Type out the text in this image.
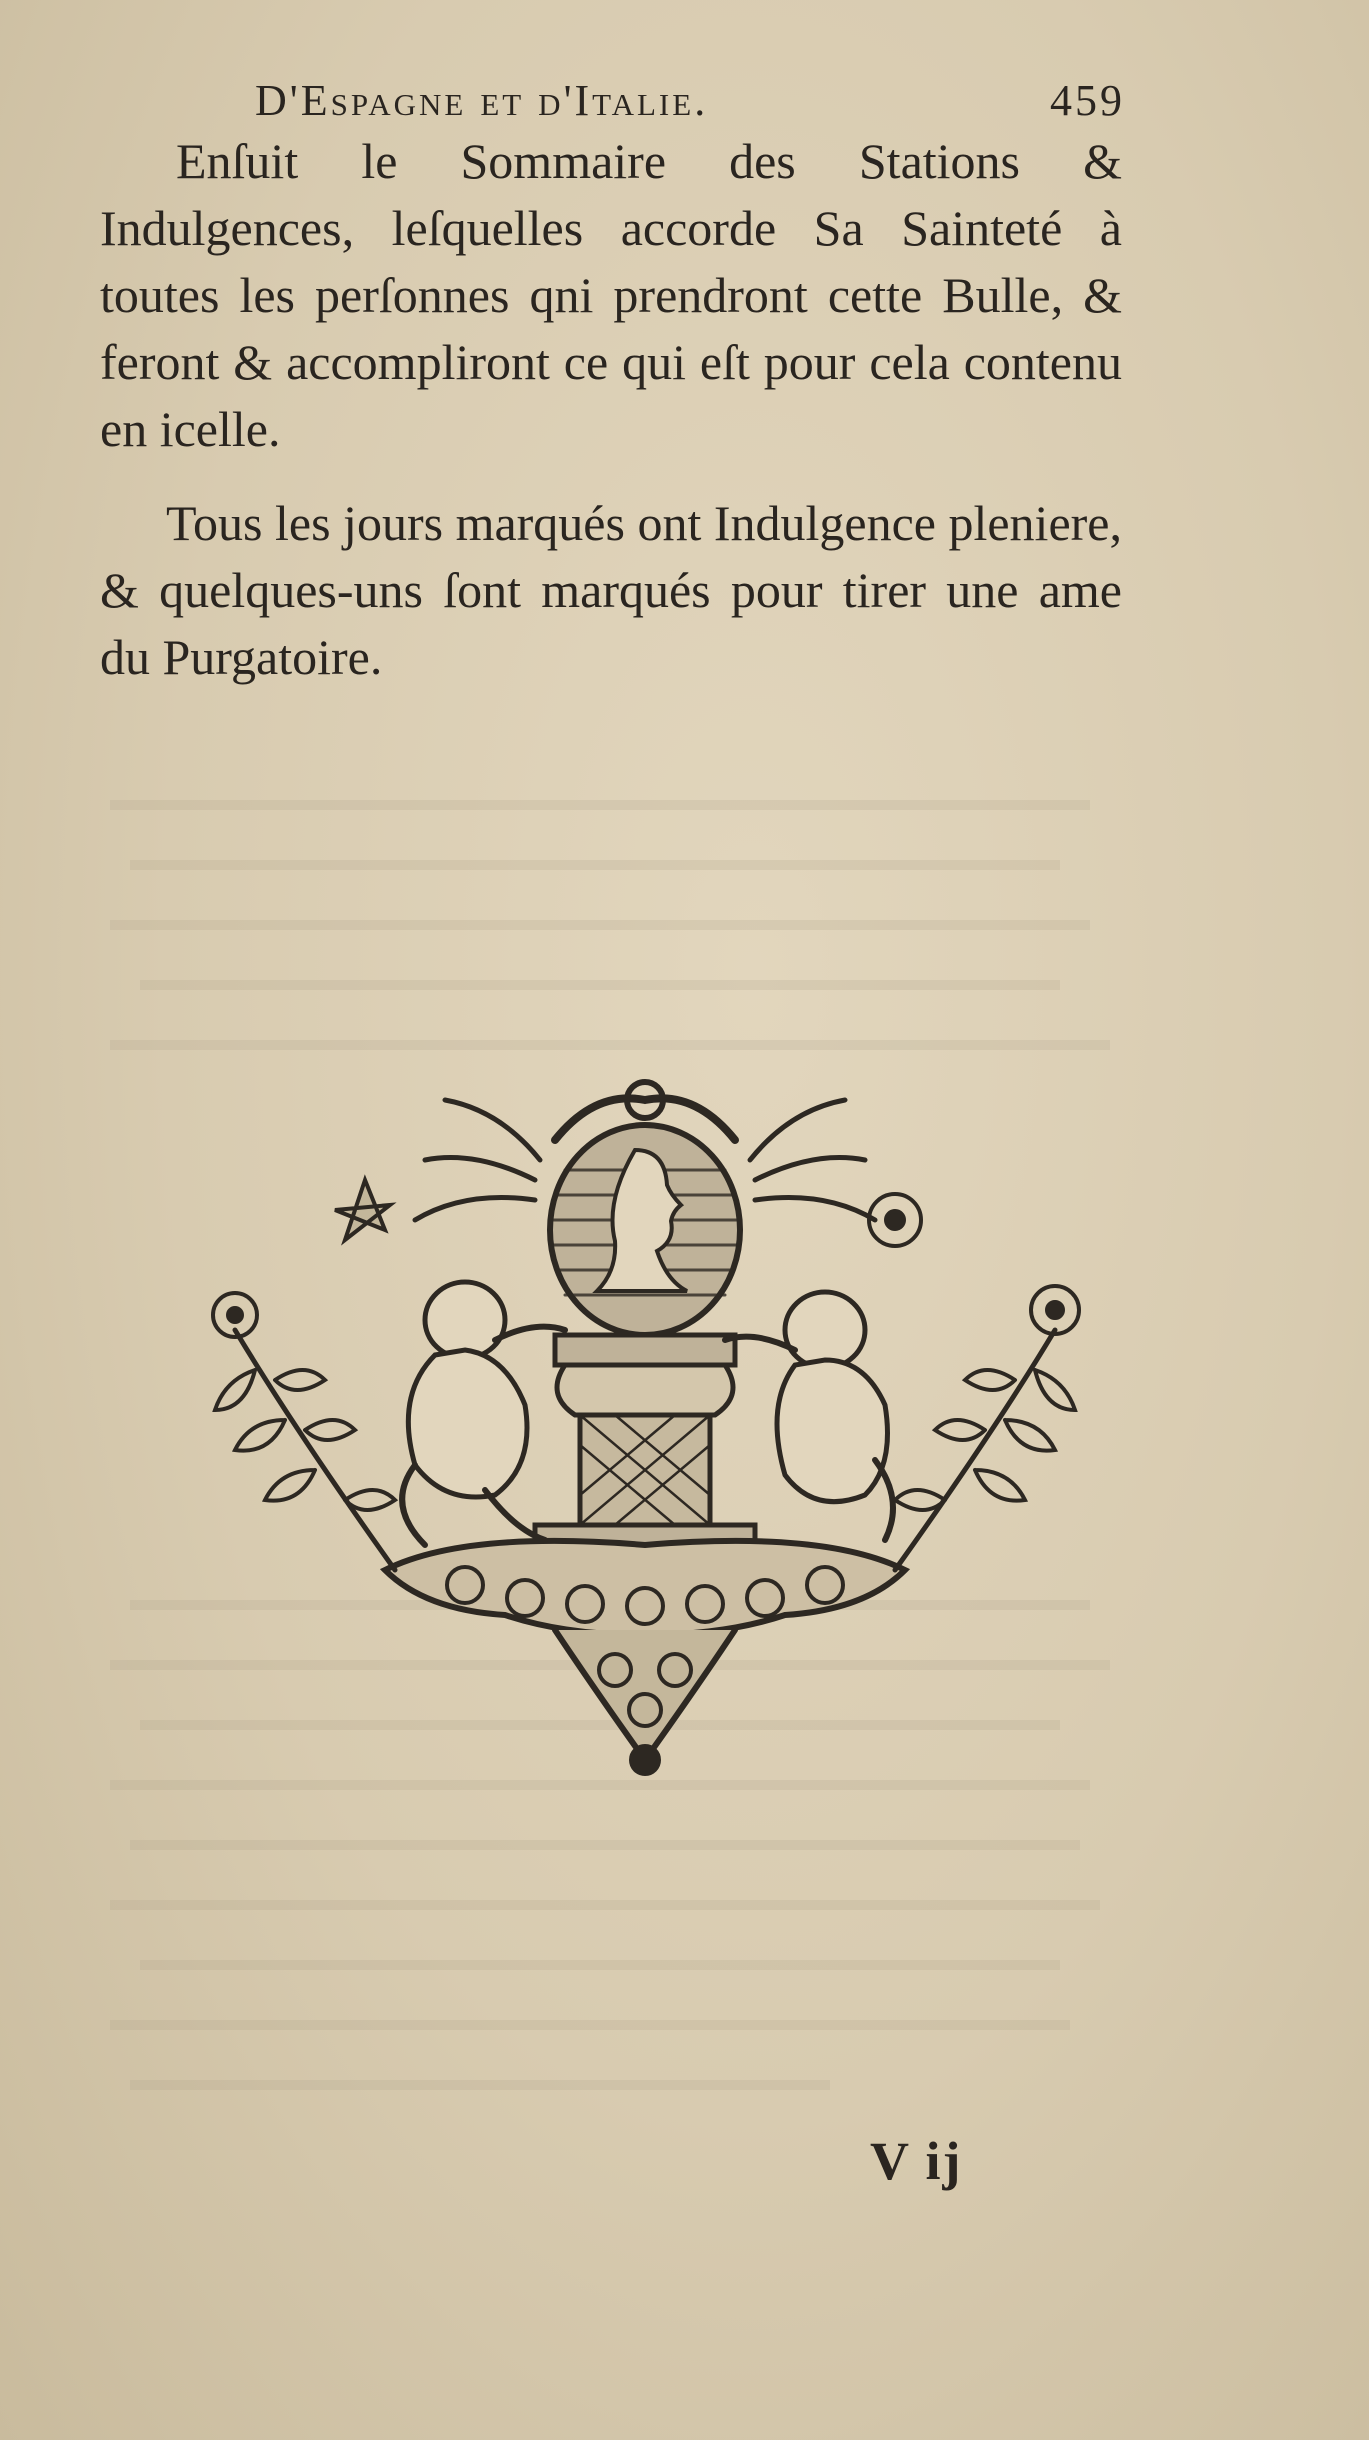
D'Espagne et d'Italie.	459

Enſuit le Sommaire des Stations & Indulgences, leſquelles accorde Sa Sainteté à toutes les perſonnes qni prendront cette Bulle, & feront & accompliront ce qui eſt pour cela contenu en icelle.

Tous les jours marqués ont Indulgence pleniere, & quelques-uns ſont marqués pour tirer une ame du Purgatoire.

V ij
